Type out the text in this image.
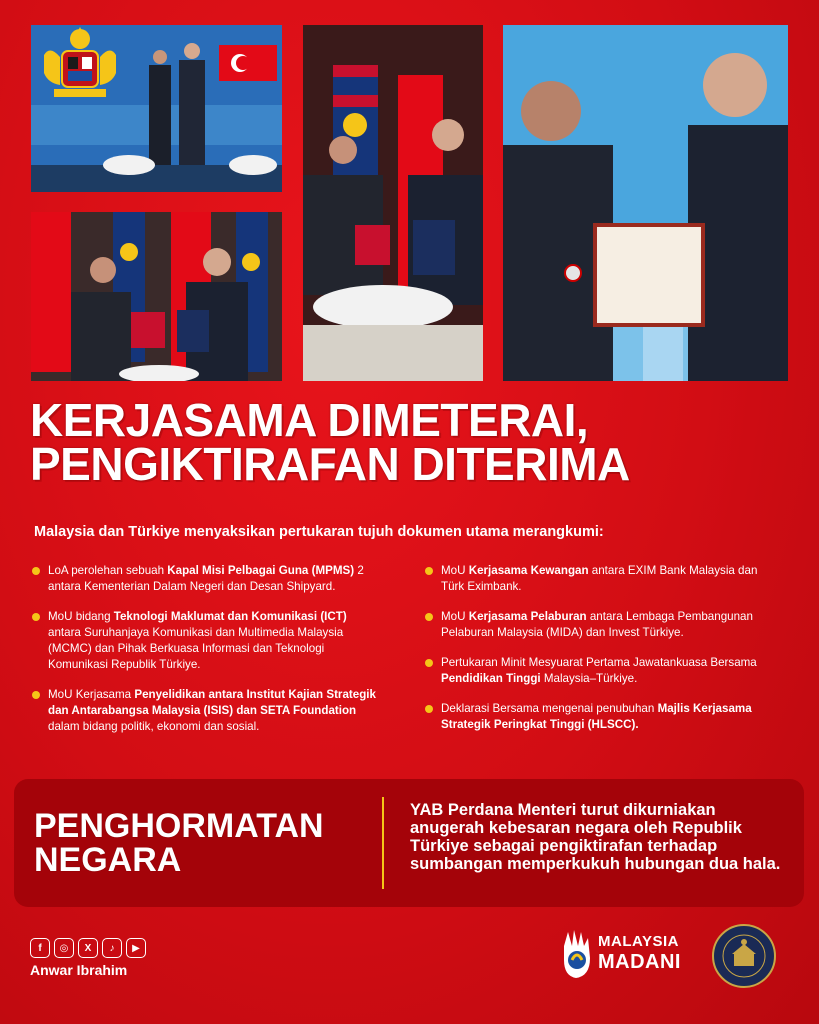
KERJASAMA DIMETERAI,
PENGIKTIRAFAN DITERIMA
Malaysia dan Türkiye menyaksikan pertukaran tujuh dokumen utama merangkumi:
LoA perolehan sebuah Kapal Misi Pelbagai Guna (MPMS) 2 antara Kementerian Dalam Negeri dan Desan Shipyard.
MoU bidang Teknologi Maklumat dan Komunikasi (ICT) antara Suruhanjaya Komunikasi dan Multimedia Malaysia (MCMC) dan Pihak Berkuasa Informasi dan Teknologi Komunikasi Republik Türkiye.
MoU Kerjasama Penyelidikan antara Institut Kajian Strategik dan Antarabangsa Malaysia (ISIS) dan SETA Foundation dalam bidang politik, ekonomi dan sosial.
MoU Kerjasama Kewangan antara EXIM Bank Malaysia dan Türk Eximbank.
MoU Kerjasama Pelaburan antara Lembaga Pembangunan Pelaburan Malaysia (MIDA) dan Invest Türkiye.
Pertukaran Minit Mesyuarat Pertama Jawatankuasa Bersama Pendidikan Tinggi Malaysia–Türkiye.
Deklarasi Bersama mengenai penubuhan Majlis Kerjasama Strategik Peringkat Tinggi (HLSCC).
PENGHORMATAN
NEGARA
YAB Perdana Menteri turut dikurniakan anugerah kebesaran negara oleh Republik Türkiye sebagai pengiktirafan terhadap sumbangan memperkukuh hubungan dua hala.
f	◎	X	♪	▶
Anwar Ibrahim
MALAYSIA
MADANI
